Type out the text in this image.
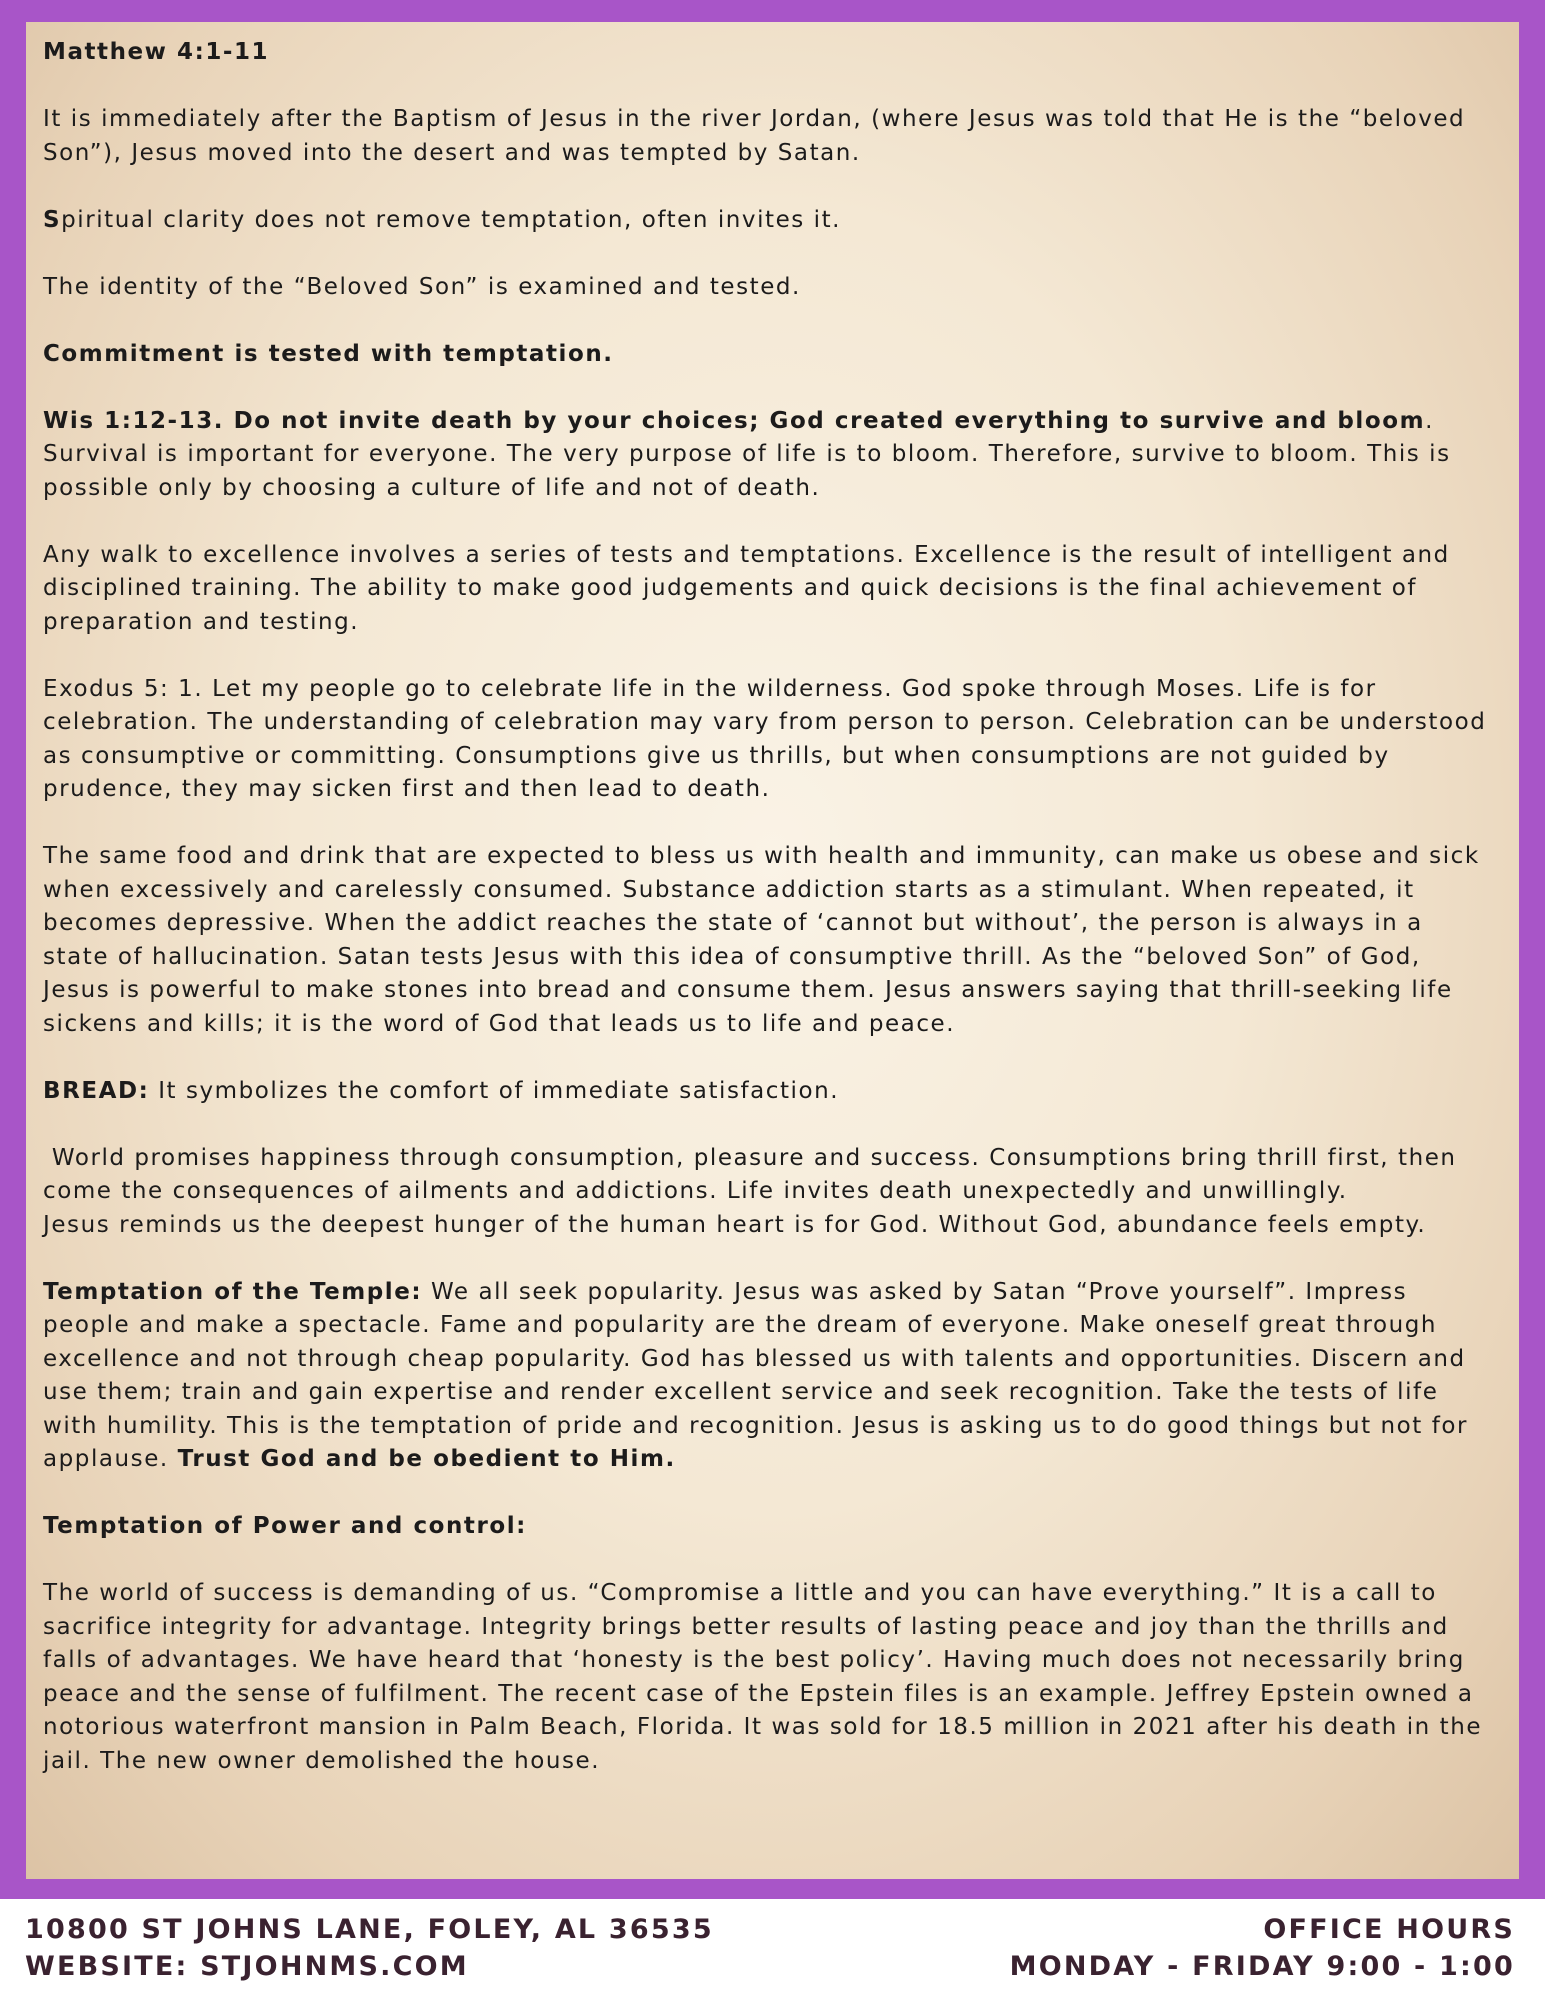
Matthew 4:1-11

It is immediately after the Baptism of Jesus in the river Jordan, (where Jesus was told that He is the “beloved Son”), Jesus moved into the desert and was tempted by Satan.

Spiritual clarity does not remove temptation, often invites it.

The identity of the “Beloved Son” is examined and tested.

Commitment is tested with temptation.

Wis 1:12-13. Do not invite death by your choices; God created everything to survive and bloom. Survival is important for everyone. The very purpose of life is to bloom. Therefore, survive to bloom. This is possible only by choosing a culture of life and not of death.

Any walk to excellence involves a series of tests and temptations. Excellence is the result of intelligent and disciplined training. The ability to make good judgements and quick decisions is the final achievement of preparation and testing.

Exodus 5: 1. Let my people go to celebrate life in the wilderness. God spoke through Moses. Life is for celebration. The understanding of celebration may vary from person to person. Celebration can be understood as consumptive or committing. Consumptions give us thrills, but when consumptions are not guided by prudence, they may sicken first and then lead to death.

The same food and drink that are expected to bless us with health and immunity, can make us obese and sick when excessively and carelessly consumed. Substance addiction starts as a stimulant. When repeated, it becomes depressive. When the addict reaches the state of ‘cannot but without’, the person is always in a state of hallucination. Satan tests Jesus with this idea of consumptive thrill. As the “beloved Son” of God, Jesus is powerful to make stones into bread and consume them. Jesus answers saying that thrill-seeking life sickens and kills; it is the word of God that leads us to life and peace.

BREAD: It symbolizes the comfort of immediate satisfaction.

World promises happiness through consumption, pleasure and success. Consumptions bring thrill first, then come the consequences of ailments and addictions. Life invites death unexpectedly and unwillingly.

Jesus reminds us the deepest hunger of the human heart is for God. Without God, abundance feels empty.

Temptation of the Temple: We all seek popularity. Jesus was asked by Satan “Prove yourself”. Impress people and make a spectacle. Fame and popularity are the dream of everyone. Make oneself great through excellence and not through cheap popularity. God has blessed us with talents and opportunities. Discern and use them; train and gain expertise and render excellent service and seek recognition. Take the tests of life with humility. This is the temptation of pride and recognition. Jesus is asking us to do good things but not for applause. Trust God and be obedient to Him.

Temptation of Power and control:

The world of success is demanding of us. “Compromise a little and you can have everything.” It is a call to sacrifice integrity for advantage. Integrity brings better results of lasting peace and joy than the thrills and falls of advantages. We have heard that ‘honesty is the best policy’. Having much does not necessarily bring peace and the sense of fulfilment. The recent case of the Epstein files is an example. Jeffrey Epstein owned a notorious waterfront mansion in Palm Beach, Florida. It was sold for 18.5 million in 2021 after his death in the jail. The new owner demolished the house.

10800 ST JOHNS LANE, FOLEY, AL 36535
WEBSITE: STJOHNMS.COM
OFFICE HOURS
MONDAY - FRIDAY 9:00 - 1:00
